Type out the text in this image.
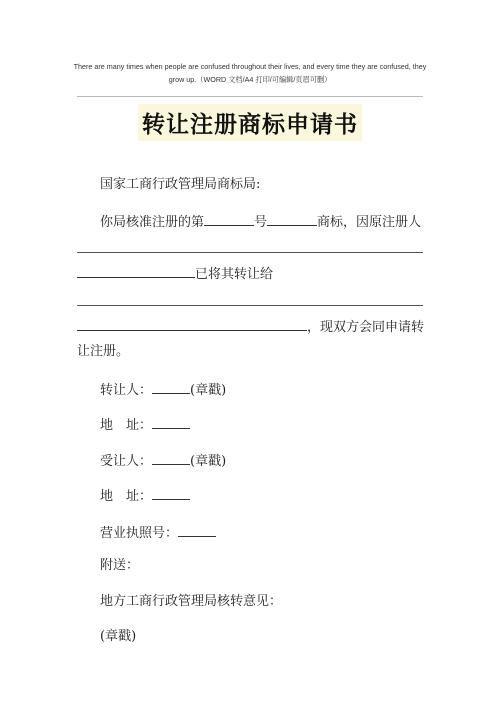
There are many times when people are confused throughout their lives, and every time they are confused, they
grow up.（WORD 文档/A4 打印/可编辑/页眉可删）
转让注册商标申请书
国家工商行政管理局商标局:
你局核准注册的第	号	商标，因原注册人
已将其转让给
，现双方会同申请转
让注册。
转让人：	(章戳)
地　址：
受让人：	(章戳)
地　址：
营业执照号：
附送：
地方工商行政管理局核转意见：
(章戳)
